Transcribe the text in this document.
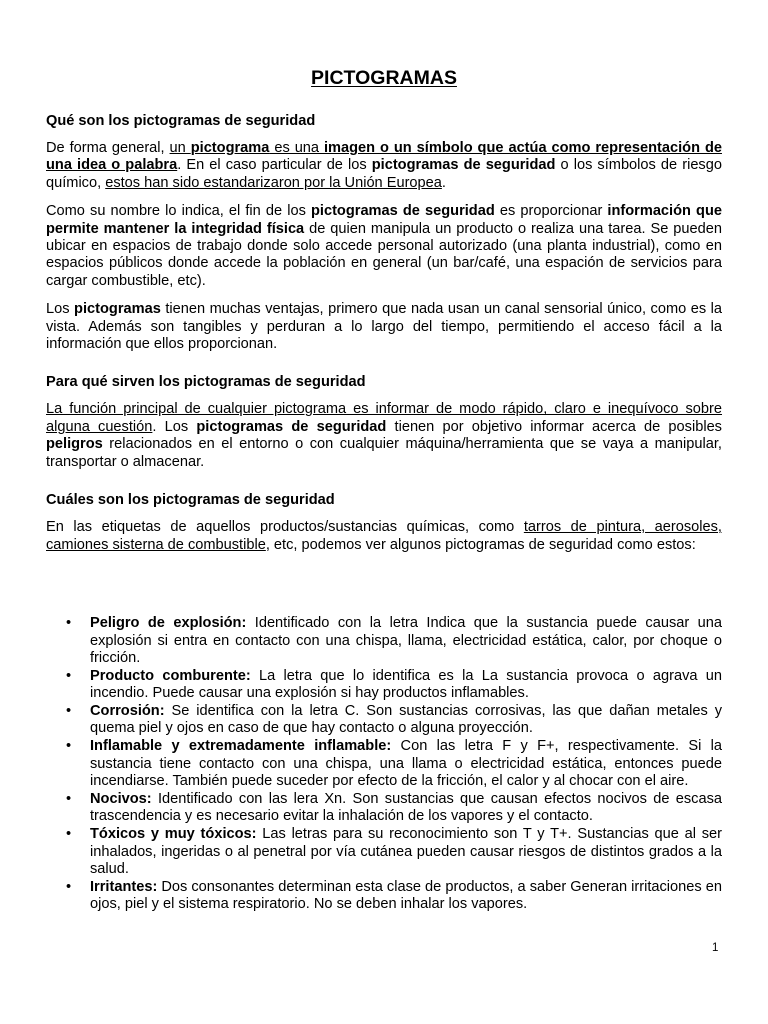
PICTOGRAMAS
Qué son los pictogramas de seguridad

De forma general, un pictograma es una imagen o un símbolo que actúa como representación de una idea o palabra. En el caso particular de los pictogramas de seguridad o los símbolos de riesgo químico, estos han sido estandarizaron por la Unión Europea.

Como su nombre lo indica, el fin de los pictogramas de seguridad es proporcionar información que permite mantener la integridad física de quien manipula un producto o realiza una tarea. Se pueden ubicar en espacios de trabajo donde solo accede personal autorizado (una planta industrial), como en espacios públicos donde accede la población en general (un bar/café, una espación de servicios para cargar combustible, etc).

Los pictogramas tienen muchas ventajas, primero que nada usan un canal sensorial único, como es la vista. Además son tangibles y perduran a lo largo del tiempo, permitiendo el acceso fácil a la información que ellos proporcionan.

Para qué sirven los pictogramas de seguridad

La función principal de cualquier pictograma es informar de modo rápido, claro e inequívoco sobre alguna cuestión. Los pictogramas de seguridad tienen por objetivo informar acerca de posibles peligros relacionados en el entorno o con cualquier máquina/herramienta que se vaya a manipular, transportar o almacenar.

Cuáles son los pictogramas de seguridad

En las etiquetas de aquellos productos/sustancias químicas, como tarros de pintura, aerosoles, camiones sisterna de combustible, etc, podemos ver algunos pictogramas de seguridad como estos:

• Peligro de explosión: Identificado con la letra Indica que la sustancia puede causar una explosión si entra en contacto con una chispa, llama, electricidad estática, calor, por choque o fricción.
• Producto comburente: La letra que lo identifica es la La sustancia provoca o agrava un incendio. Puede causar una explosión si hay productos inflamables.
• Corrosión: Se identifica con la letra C. Son sustancias corrosivas, las que dañan metales y quema piel y ojos en caso de que hay contacto o alguna proyección.
• Inflamable y extremadamente inflamable: Con las letra F y F+, respectivamente. Si la sustancia tiene contacto con una chispa, una llama o electricidad estática, entonces puede incendiarse. También puede suceder por efecto de la fricción, el calor y al chocar con el aire.
• Nocivos: Identificado con las lera Xn. Son sustancias que causan efectos nocivos de escasa trascendencia y es necesario evitar la inhalación de los vapores y el contacto.
• Tóxicos y muy tóxicos: Las letras para su reconocimiento son T y T+. Sustancias que al ser inhalados, ingeridas o al penetral por vía cutánea pueden causar riesgos de distintos grados a la salud.
• Irritantes: Dos consonantes determinan esta clase de productos, a saber Generan irritaciones en ojos, piel y el sistema respiratorio. No se deben inhalar los vapores.
1
